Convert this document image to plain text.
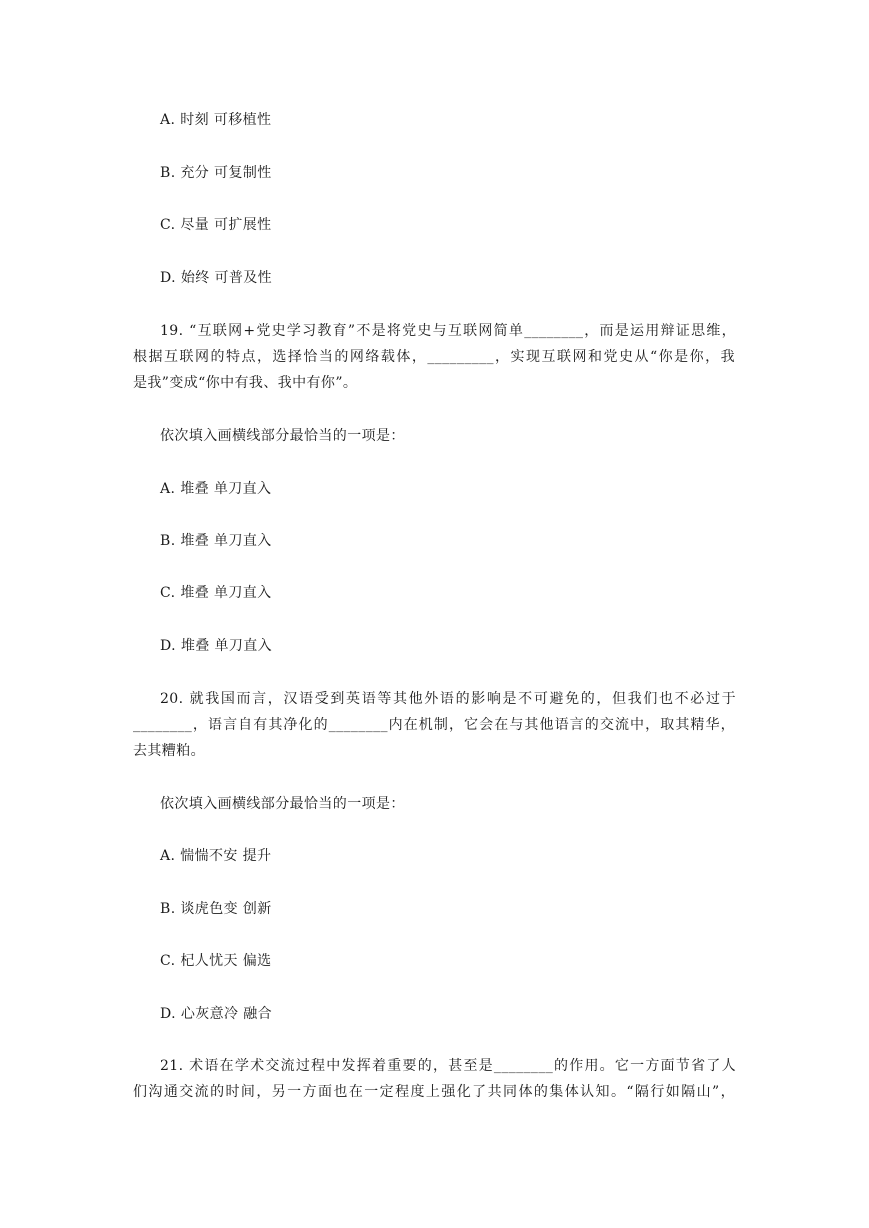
A. 时刻 可移植性
B. 充分 可复制性
C. 尽量 可扩展性
D. 始终 可普及性
19. “互联网+党史学习教育”不是将党史与互联网简单________，而是运用辩证思维，
根据互联网的特点，选择恰当的网络载体，_________，实现互联网和党史从“你是你，我
是我”变成“你中有我、我中有你”。
依次填入画横线部分最恰当的一项是：
A. 堆叠 单刀直入
B. 堆叠 单刀直入
C. 堆叠 单刀直入
D. 堆叠 单刀直入
20. 就我国而言，汉语受到英语等其他外语的影响是不可避免的，但我们也不必过于
________，语言自有其净化的________内在机制，它会在与其他语言的交流中，取其精华，
去其糟粕。
依次填入画横线部分最恰当的一项是：
A. 惴惴不安 提升
B. 谈虎色变 创新
C. 杞人忧天 偏选
D. 心灰意冷 融合
21. 术语在学术交流过程中发挥着重要的，甚至是________的作用。它一方面节省了人
们沟通交流的时间，另一方面也在一定程度上强化了共同体的集体认知。“隔行如隔山”，
